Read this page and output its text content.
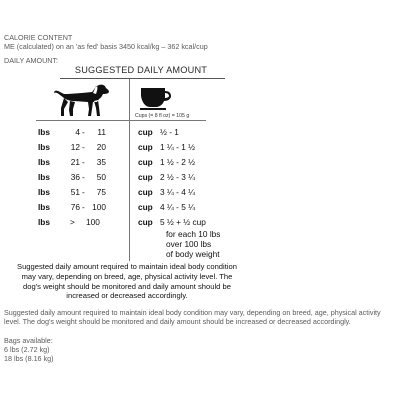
CALORIE CONTENT
ME (calculated) on an 'as fed' basis 3450 kcal/kg – 362 kcal/cup
DAILY AMOUNT:
SUGGESTED DAILY AMOUNT
Cups (= 8 fl oz) = 105 g
lbs	4 -	11	cup ½ - 1
lbs	12 -	20	cup 1 ¼ - 1 ½
lbs	21 -	35	cup 1 ½ - 2 ½
lbs	36 -	50	cup 2 ½ - 3 ¼
lbs	51 -	75	cup 3 ¼ - 4 ¼
lbs	76 - 100	cup 4 ¼ - 5 ¼
lbs > 100	cup 5 ½ + ½ cup
for each 10 lbs
over 100 lbs
of body weight
Suggested daily amount required to maintain ideal body condition may vary, depending on breed, age, physical activity level. The dog's weight should be monitored and daily amount should be increased or decreased accordingly.
Suggested daily amount required to maintain ideal body condition may vary, depending on breed, age, physical activity level. The dog's weight should be monitored and daily amount should be increased or decreased accordingly.
Bags available:
6 lbs (2.72 kg)
18 lbs (8.16 kg)
